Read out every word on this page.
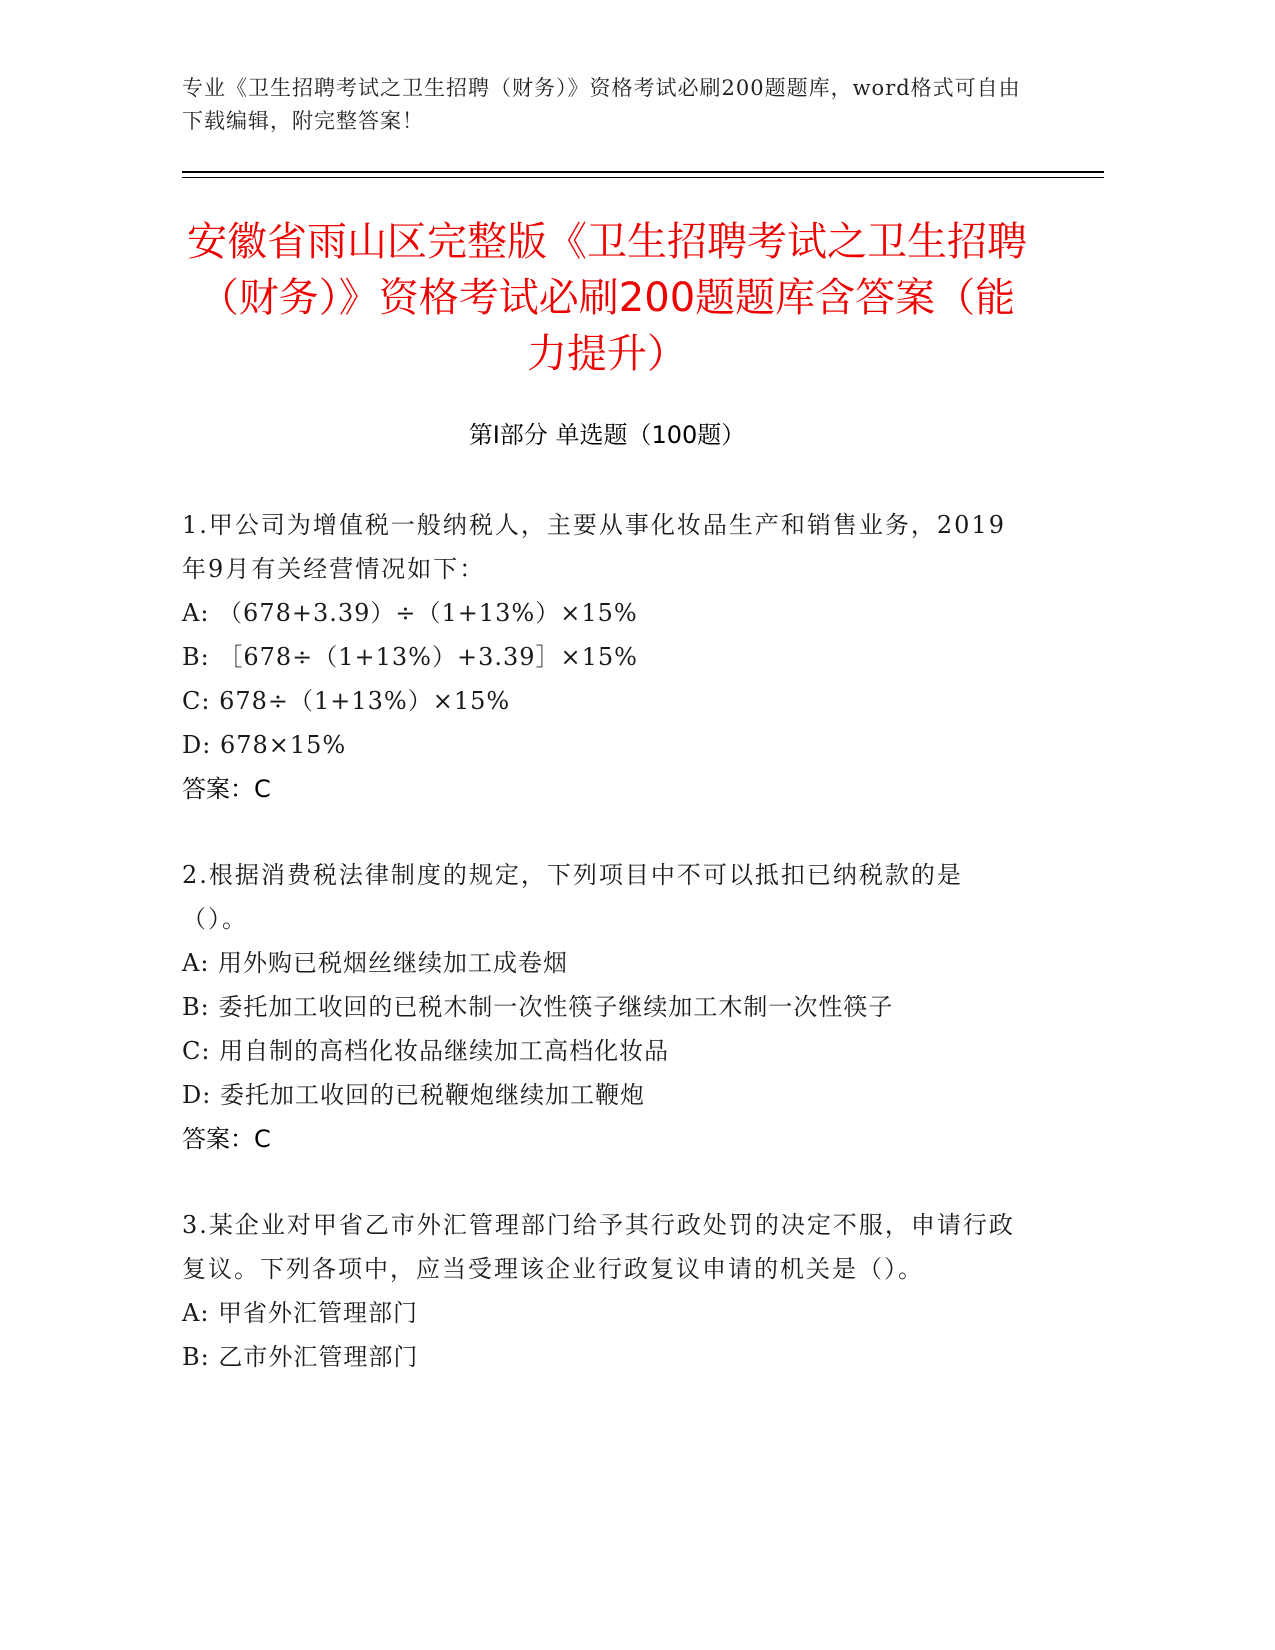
专业《卫生招聘考试之卫生招聘（财务）》资格考试必刷200题题库，word格式可自由下载编辑，附完整答案！
安徽省雨山区完整版《卫生招聘考试之卫生招聘（财务）》资格考试必刷200题题库含答案（能力提升）
第I部分 单选题（100题）

1.甲公司为增值税一般纳税人，主要从事化妆品生产和销售业务，2019年9月有关经营情况如下：

A: （678+3.39）÷（1+13%）×15%

B: ［678÷（1+13%）+3.39］×15%

C: 678÷（1+13%）×15%

D: 678×15%

答案：C

2.根据消费税法律制度的规定，下列项目中不可以抵扣已纳税款的是（）。

A: 用外购已税烟丝继续加工成卷烟

B: 委托加工收回的已税木制一次性筷子继续加工木制一次性筷子

C: 用自制的高档化妆品继续加工高档化妆品

D: 委托加工收回的已税鞭炮继续加工鞭炮

答案：C

3.某企业对甲省乙市外汇管理部门给予其行政处罚的决定不服，申请行政复议。下列各项中，应当受理该企业行政复议申请的机关是（）。

A: 甲省外汇管理部门

B: 乙市外汇管理部门
